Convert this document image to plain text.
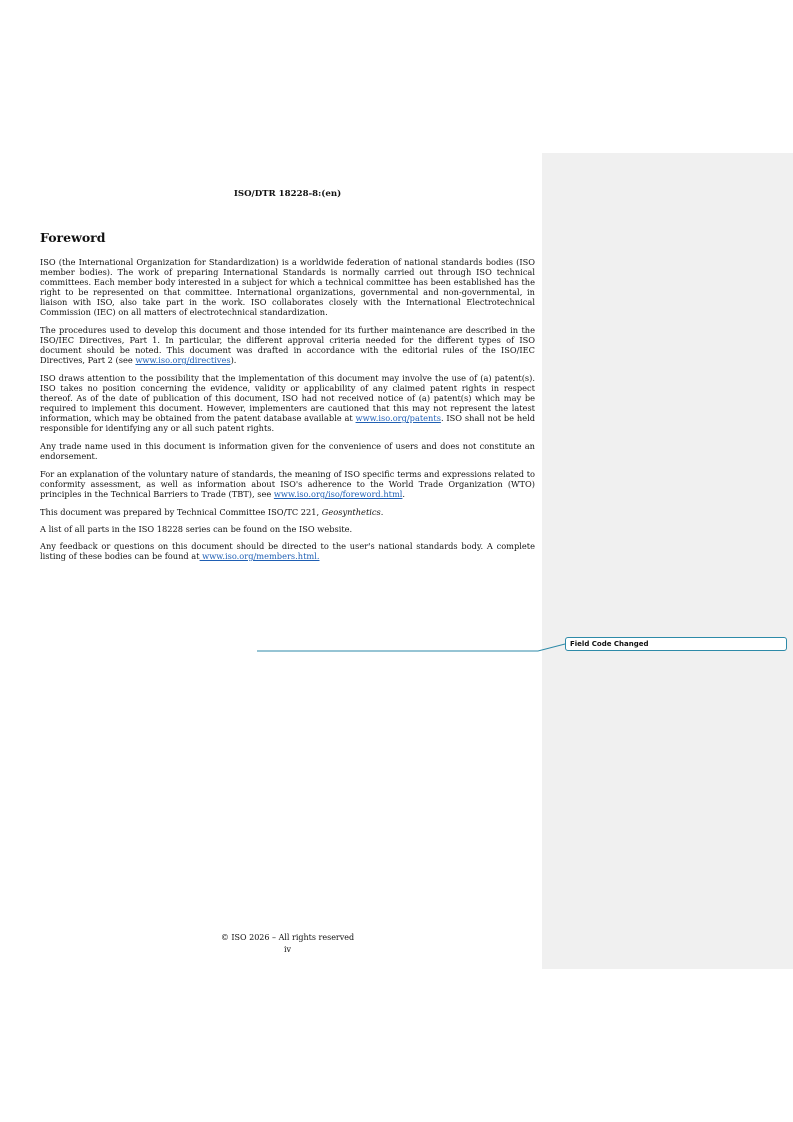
ISO/DTR 18228-8:(en)
Foreword

ISO (the International Organization for Standardization) is a worldwide federation of national standards bodies (ISO member bodies). The work of preparing International Standards is normally carried out through ISO technical committees. Each member body interested in a subject for which a technical committee has been established has the right to be represented on that committee. International organizations, governmental and non-governmental, in liaison with ISO, also take part in the work. ISO collaborates closely with the International Electrotechnical Commission (IEC) on all matters of electrotechnical standardization.

The procedures used to develop this document and those intended for its further maintenance are described in the ISO/IEC Directives, Part 1. In particular, the different approval criteria needed for the different types of ISO document should be noted. This document was drafted in accordance with the editorial rules of the ISO/IEC Directives, Part 2 (see www.iso.org/directives).

ISO draws attention to the possibility that the implementation of this document may involve the use of (a) patent(s). ISO takes no position concerning the evidence, validity or applicability of any claimed patent rights in respect thereof. As of the date of publication of this document, ISO had not received notice of (a) patent(s) which may be required to implement this document. However, implementers are cautioned that this may not represent the latest information, which may be obtained from the patent database available at www.iso.org/patents. ISO shall not be held responsible for identifying any or all such patent rights.

Any trade name used in this document is information given for the convenience of users and does not constitute an endorsement.

For an explanation of the voluntary nature of standards, the meaning of ISO specific terms and expressions related to conformity assessment, as well as information about ISO's adherence to the World Trade Organization (WTO) principles in the Technical Barriers to Trade (TBT), see www.iso.org/iso/foreword.html.

This document was prepared by Technical Committee ISO/TC 221, Geosynthetics.

A list of all parts in the ISO 18228 series can be found on the ISO website.

Any feedback or questions on this document should be directed to the user's national standards body. A complete listing of these bodies can be found at www.iso.org/members.html.

Field Code Changed
© ISO 2026 – All rights reserved
iv
